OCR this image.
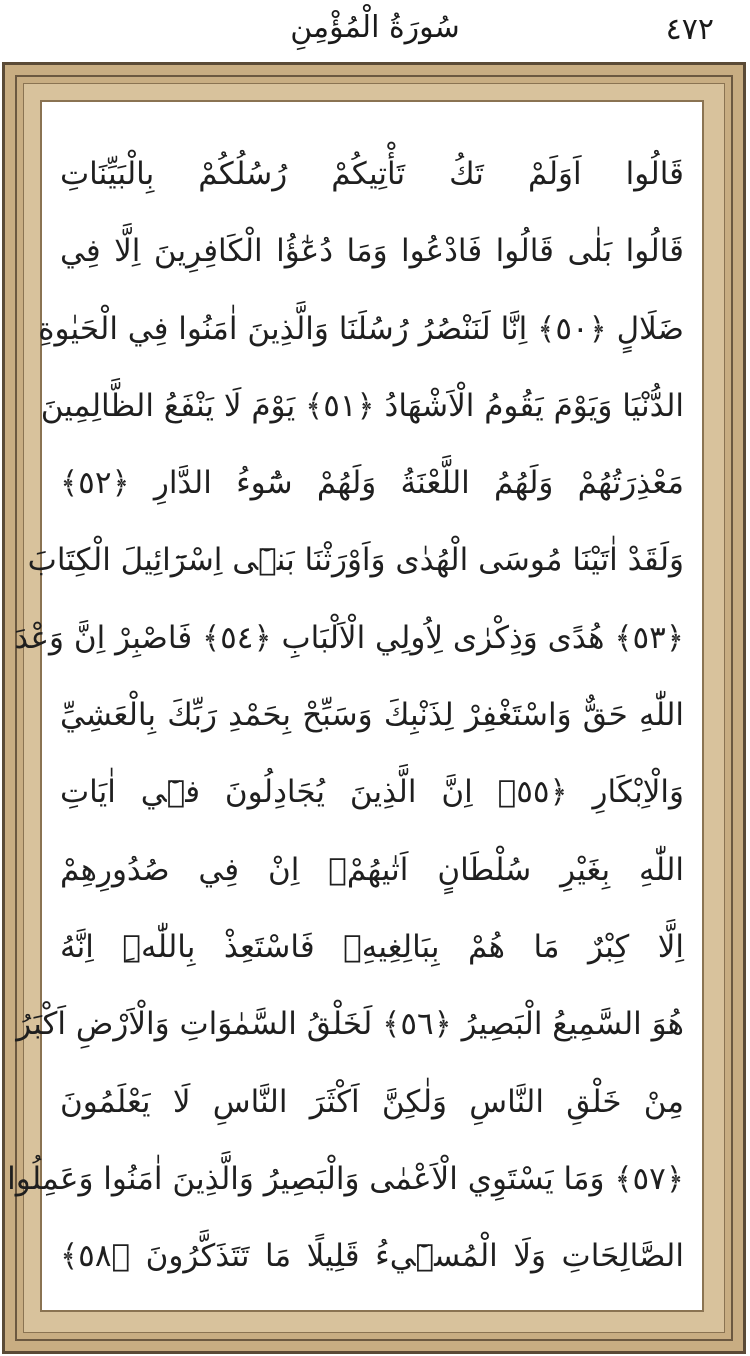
سُورَةُ الْمُؤْمِنِ	٤٧٢
قَالُوا اَوَلَمْ تَكُ تَأْتِيكُمْ رُسُلُكُمْ بِالْبَيِّنَاتِ
قَالُوا بَلٰى قَالُوا فَادْعُوا وَمَا دُعٰٓؤُا الْكَافِرِينَ اِلَّا فِي
ضَلَالٍ ﴿٥٠﴾ اِنَّا لَنَنْصُرُ رُسُلَنَا وَالَّذِينَ اٰمَنُوا فِي الْحَيٰوةِ
الدُّنْيَا وَيَوْمَ يَقُومُ الْاَشْهَادُ ﴿٥١﴾ يَوْمَ لَا يَنْفَعُ الظَّالِمِينَ
مَعْذِرَتُهُمْ وَلَهُمُ اللَّعْنَةُ وَلَهُمْ سُٓوءُ الدَّارِ ﴿٥٢﴾
وَلَقَدْ اٰتَيْنَا مُوسَى الْهُدٰى وَاَوْرَثْنَا بَنٖٓى اِسْرَٓائِيلَ الْكِتَابَ
﴿٥٣﴾ هُدًى وَذِكْرٰى لِاُولِي الْاَلْبَابِ ﴿٥٤﴾ فَاصْبِرْ اِنَّ وَعْدَ
اللّٰهِ حَقٌّ وَاسْتَغْفِرْ لِذَنْبِكَ وَسَبِّحْ بِحَمْدِ رَبِّكَ بِالْعَشِيِّ
وَالْاِبْكَارِ ﴿٥٥﴾ اِنَّ الَّذِينَ يُجَادِلُونَ فٖٓي اٰيَاتِ
اللّٰهِ بِغَيْرِ سُلْطَانٍ اَتٰيهُمْۙ اِنْ فِي صُدُورِهِمْ
اِلَّا كِبْرٌ مَا هُمْ بِبَالِغِيهِۚ فَاسْتَعِذْ بِاللّٰهِۜ اِنَّهُ
هُوَ السَّمِيعُ الْبَصِيرُ ﴿٥٦﴾ لَخَلْقُ السَّمٰوَاتِ وَالْاَرْضِ اَكْبَرُ
مِنْ خَلْقِ النَّاسِ وَلٰكِنَّ اَكْثَرَ النَّاسِ لَا يَعْلَمُونَ
﴿٥٧﴾ وَمَا يَسْتَوِي الْاَعْمٰى وَالْبَصِيرُ وَالَّذِينَ اٰمَنُوا وَعَمِلُوا
الصَّالِحَاتِ وَلَا الْمُسٖٓيءُ قَلِيلًا مَا تَتَذَكَّرُونَ ﴿٥٨﴾
